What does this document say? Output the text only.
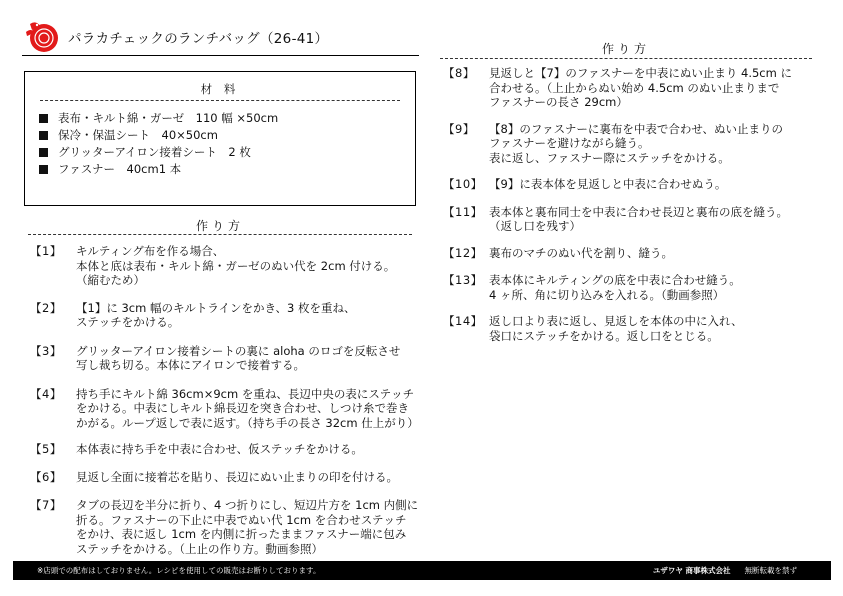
パラカチェックのランチバッグ（26-41）
材 料
表布・キルト綿・ガーゼ　110 幅 ×50cm
保冷・保温シート　40×50cm
グリッターアイロン接着シート　2 枚
ファスナー　40cm1 本
作り方
作り方
【1】	キルティング布を作る場合、
本体と底は表布・キルト綿・ガーゼのぬい代を 2cm 付ける。
（縮むため）
【2】	【1】に 3cm 幅のキルトラインをかき、3 枚を重ね、
ステッチをかける。
【3】	グリッターアイロン接着シートの裏に aloha のロゴを反転させ
写し裁ち切る。本体にアイロンで接着する。
【4】	持ち手にキルト綿 36cm×9cm を重ね、長辺中央の表にステッチ
をかける。中表にしキルト綿長辺を突き合わせ、しつけ糸で巻き
かがる。ループ返しで表に返す。（持ち手の長さ 32cm 仕上がり）
【5】	本体表に持ち手を中表に合わせ、仮ステッチをかける。
【6】	見返し全面に接着芯を貼り、長辺にぬい止まりの印を付ける。
【7】	タブの長辺を半分に折り、4 つ折りにし、短辺片方を 1cm 内側に
折る。ファスナーの下止に中表でぬい代 1cm を合わせステッチ
をかけ、表に返し 1cm を内側に折ったままファスナー端に包み
ステッチをかける。（上止の作り方。動画参照）
【8】	見返しと【7】のファスナーを中表にぬい止まり 4.5cm に
合わせる。（上止からぬい始め 4.5cm のぬい止まりまで
ファスナーの長さ 29cm）
【9】	【8】のファスナーに裏布を中表で合わせ、ぬい止まりの
ファスナーを避けながら縫う。
表に返し、ファスナー際にステッチをかける。
【10】 【9】に表本体を見返しと中表に合わせぬう。
【11】 表本体と裏布同士を中表に合わせ長辺と裏布の底を縫う。
（返し口を残す）
【12】 裏布のマチのぬい代を割り、縫う。
【13】 表本体にキルティングの底を中表に合わせ縫う。
4 ヶ所、角に切り込みを入れる。（動画参照）
【14】 返し口より表に返し、見返しを本体の中に入れ、
袋口にステッチをかける。返し口をとじる。
※店頭での配布はしておりません。レシピを使用しての販売はお断りしております。	ユザワヤ 商事株式会社 無断転載を禁ず
